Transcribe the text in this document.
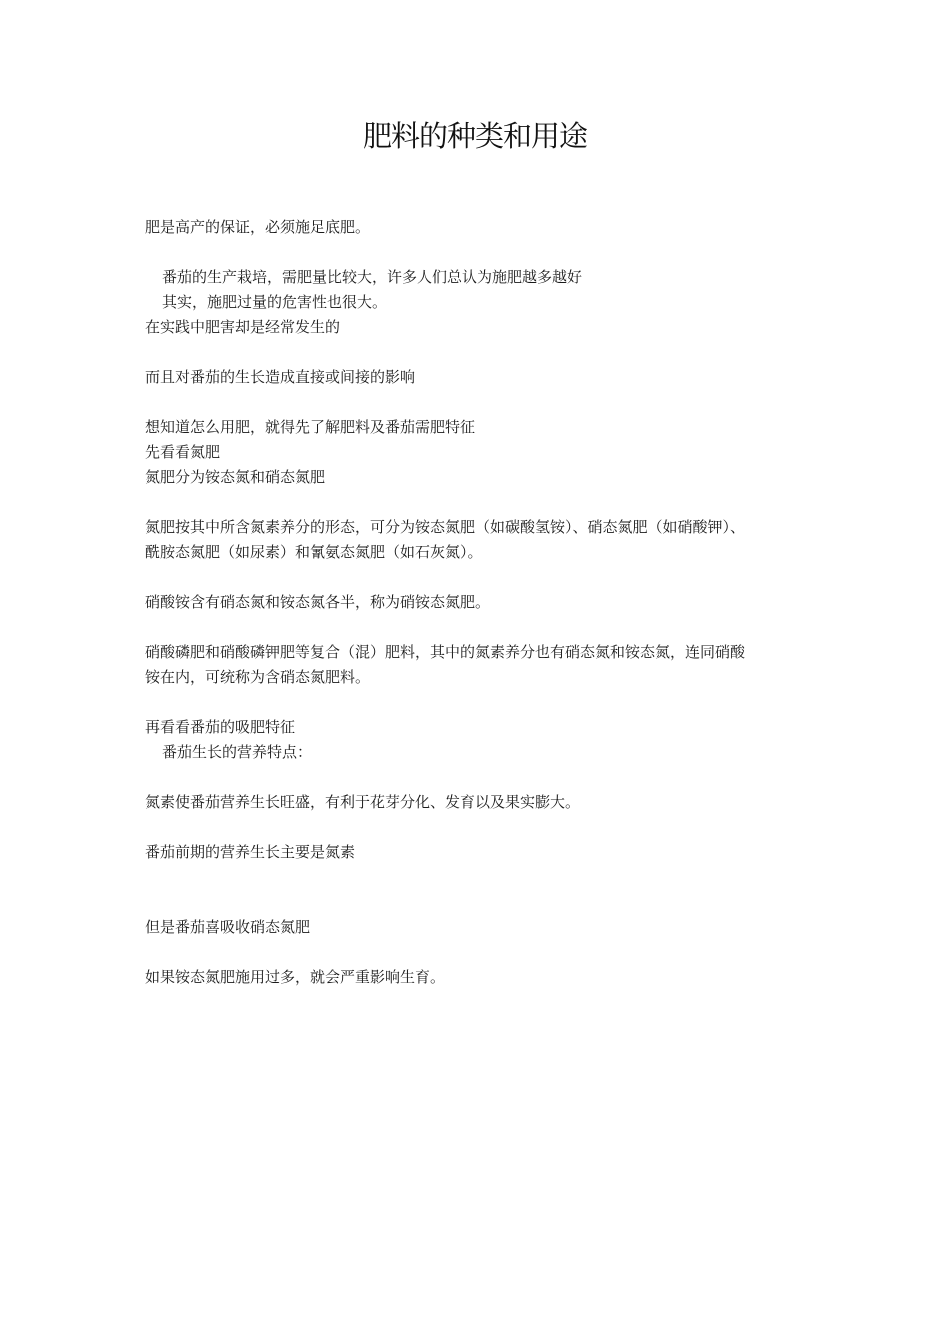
肥料的种类和用途
肥是高产的保证，必须施足底肥。
番茄的生产栽培，需肥量比较大，许多人们总认为施肥越多越好
其实，施肥过量的危害性也很大。
在实践中肥害却是经常发生的
而且对番茄的生长造成直接或间接的影响
想知道怎么用肥，就得先了解肥料及番茄需肥特征
先看看氮肥
氮肥分为铵态氮和硝态氮肥
氮肥按其中所含氮素养分的形态，可分为铵态氮肥（如碳酸氢铵）、硝态氮肥（如硝酸钾）、
酰胺态氮肥（如尿素）和氰氨态氮肥（如石灰氮）。
硝酸铵含有硝态氮和铵态氮各半，称为硝铵态氮肥。
硝酸磷肥和硝酸磷钾肥等复合（混）肥料，其中的氮素养分也有硝态氮和铵态氮，连同硝酸
铵在内，可统称为含硝态氮肥料。
再看看番茄的吸肥特征
番茄生长的营养特点：
氮素使番茄营养生长旺盛，有利于花芽分化、发育以及果实膨大。
番茄前期的营养生长主要是氮素
但是番茄喜吸收硝态氮肥
如果铵态氮肥施用过多，就会严重影响生育。
